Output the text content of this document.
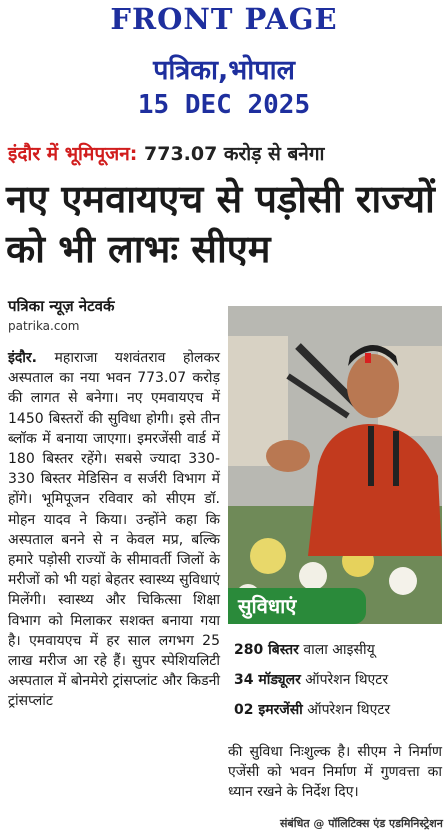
FRONT PAGE
पत्रिका,भोपाल
15 DEC 2025
इंदौर में भूमिपूजन: 773.07 करोड़ से बनेगा
नए एमवायएच से पड़ोसी राज्यों को भी लाभः सीएम
पत्रिका न्यूज़ नेटवर्क
patrika.com

इंदौर. महाराजा यशवंतराव होलकर अस्पताल का नया भवन 773.07 करोड़ की लागत से बनेगा। नए एमवायएच में 1450 बिस्तरों की सुविधा होगी। इसे तीन ब्लॉक में बनाया जाएगा। इमरजेंसी वार्ड में 180 बिस्तर रहेंगे। सबसे ज्यादा 330-330 बिस्तर मेडिसिन व सर्जरी विभाग में होंगे। भूमिपूजन रविवार को सीएम डॉ. मोहन यादव ने किया। उन्होंने कहा कि अस्पताल बनने से न केवल मप्र, बल्कि हमारे पड़ोसी राज्यों के सीमावर्ती जिलों के मरीजों को भी यहां बेहतर स्वास्थ्य सुविधाएं मिलेंगी। स्वास्थ्य और चिकित्सा शिक्षा विभाग को मिलाकर सशक्त बनाया गया है। एमवायएच में हर साल लगभग 25 लाख मरीज आ रहे हैं। सुपर स्पेशियलिटी अस्पताल में बोनमेरो ट्रांसप्लांट और किडनी ट्रांसप्लांट

सुविधाएं
280 बिस्तर वाला आइसीयू
34 मॉड्यूलर ऑपरेशन थिएटर
02 इमरजेंसी ऑपरेशन थिएटर
की सुविधा निःशुल्क है। सीएम ने निर्माण एजेंसी को भवन निर्माण में गुणवत्ता का ध्यान रखने के निर्देश दिए।
संबंधित @ पॉलिटिक्स एंड एडमिनिस्ट्रेशन
